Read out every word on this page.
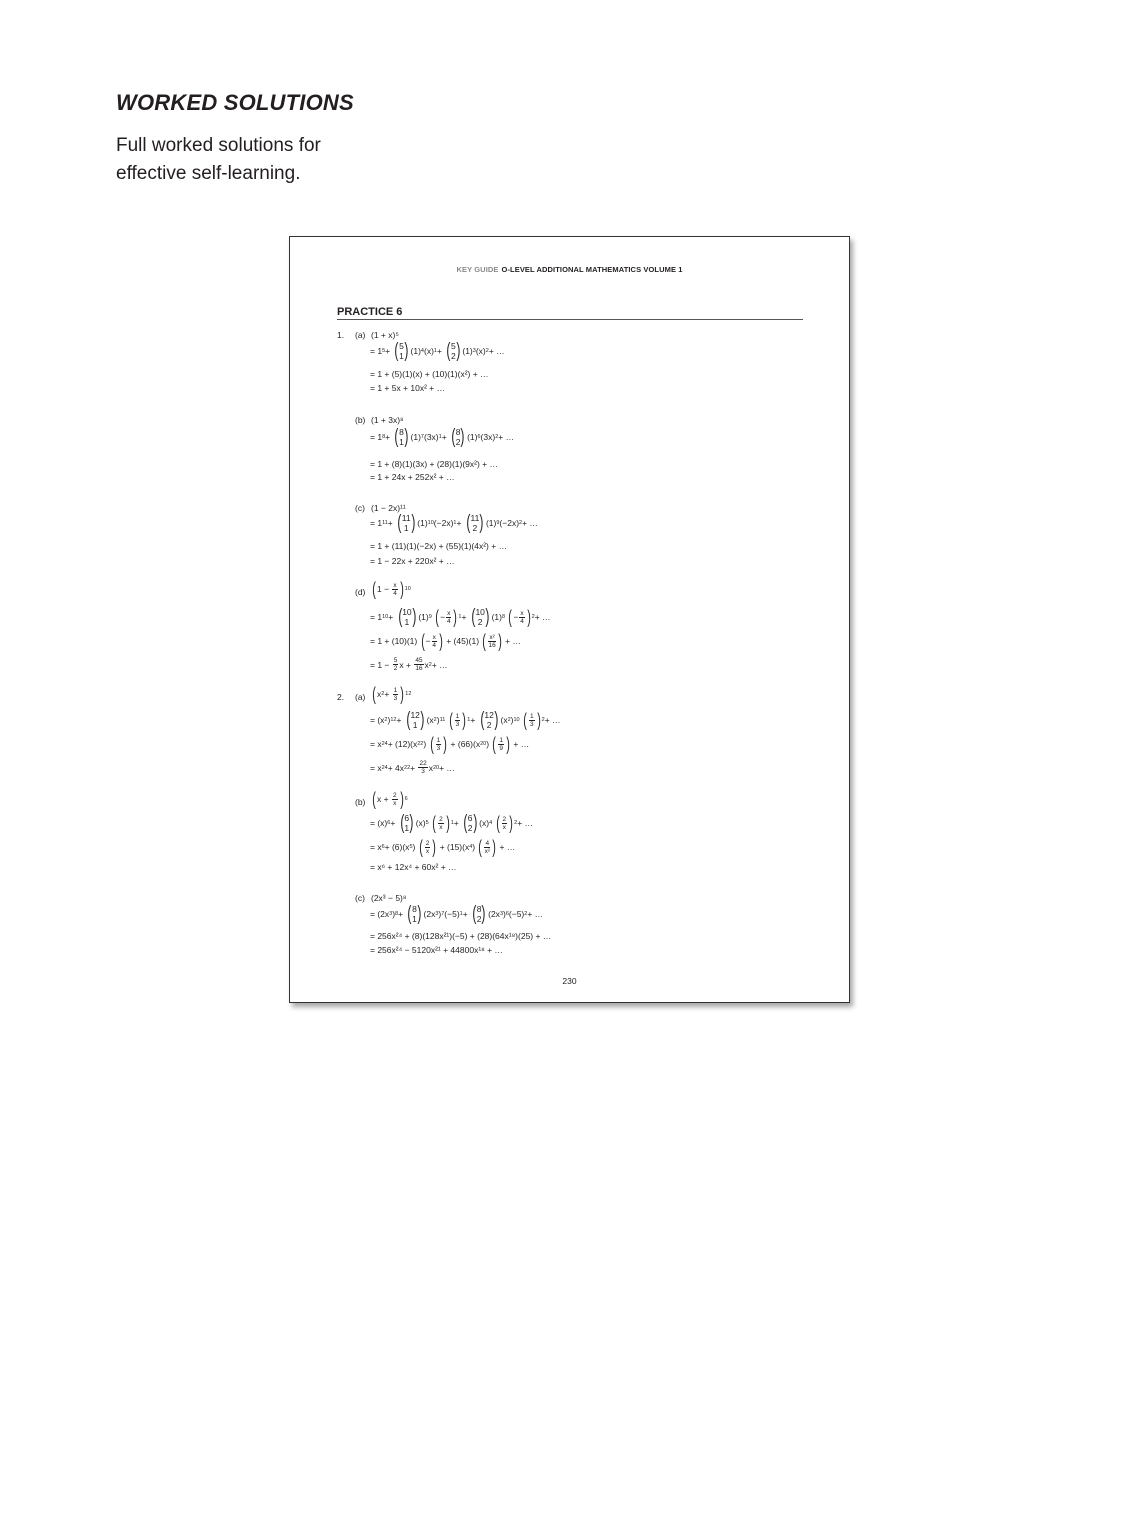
WORKED SOLUTIONS

Full worked solutions for effective self-learning.

KEY GUIDE O-LEVEL ADDITIONAL MATHEMATICS VOLUME 1
PRACTICE 6
1. (a) (1 + x)⁵
= 1 5 + ( 5
1 ) (1) 4 (x) 1 + ( 5
2 ) (1) 3 (x) 2 + …
= 1 + (5)(1)(x) + (10)(1)(x²) + …
= 1 + 5x + 10x² + …
(b) (1 + 3x)⁸
= 1 8 + ( 8
1 ) (1) 7 (3x) 1 + ( 8
2 ) (1) 6 (3x) 2 + …
= 1 + (8)(1)(3x) + (28)(1)(9x²) + …
= 1 + 24x + 252x² + …
(c) (1 − 2x)¹¹
= 1 11 + ( 11
1 ) (1) 10 (−2x) 1 + ( 11
2 ) (1) 9 (−2x) 2 + …
= 1 + (11)(1)(−2x) + (55)(1)(4x²) + …
= 1 − 22x + 220x² + …
(d) ( $1 - \frac{x}{4}$ ) 10
= 1 10 + ( 10
1 ) (1) 9
( − $\frac{x}{4}$ ) 1 + ( 10
2 ) (1) 8
( − $\frac{x}{4}$ ) 2 + …
= 1 + (10)(1) ( − $\frac{x}{4}$ ) + (45)(1) ( $\frac{\text{x²}}{16}$ ) + …
= $1 - \frac{5}{2}$ $x + \frac{45}{16}$ x 2 + …
2. (a) ( x $2 + \frac{1}{3}$ ) 12
= (x 2 ) 12 + ( 12
1 ) (x 2 ) 11
( $\frac{1}{3}$ ) 1 + ( 12
2 ) (x 2 ) 10
( $\frac{1}{3}$ ) 2 + …
= x 24 + (12)(x 22 ) ( $\frac{1}{3}$ ) + (66)(x 20 ) ( $\frac{1}{9}$ ) + …
= x 24 + 4x $22 + \frac{22}{3}$ x 20 + …
(b) ( $x + \frac{2}{x}$ ) 6
= (x) 6 + ( 6
1 ) (x) 5
( $\frac{2}{x}$ ) 1 + ( 6
2 ) (x) 4
( $\frac{2}{x}$ ) 2 + …
= x 6 + (6)(x 5 ) ( $\frac{2}{x}$ ) + (15)(x 4 ) ( $\frac{4}{\text{x²}}$ ) + …
= x⁶ + 12x⁴ + 60x² + …
(c) (2x³ − 5)⁸
= (2x 3 ) 8 + ( 8
1 ) (2x 3 ) 7 (−5) 1 + ( 8
2 ) (2x 3 ) 6 (−5) 2 + …
= 256x²⁴ + (8)(128x²¹)(−5) + (28)(64x¹⁸)(25) + …
= 256x²⁴ − 5120x²¹ + 44800x¹⁸ + …
230
